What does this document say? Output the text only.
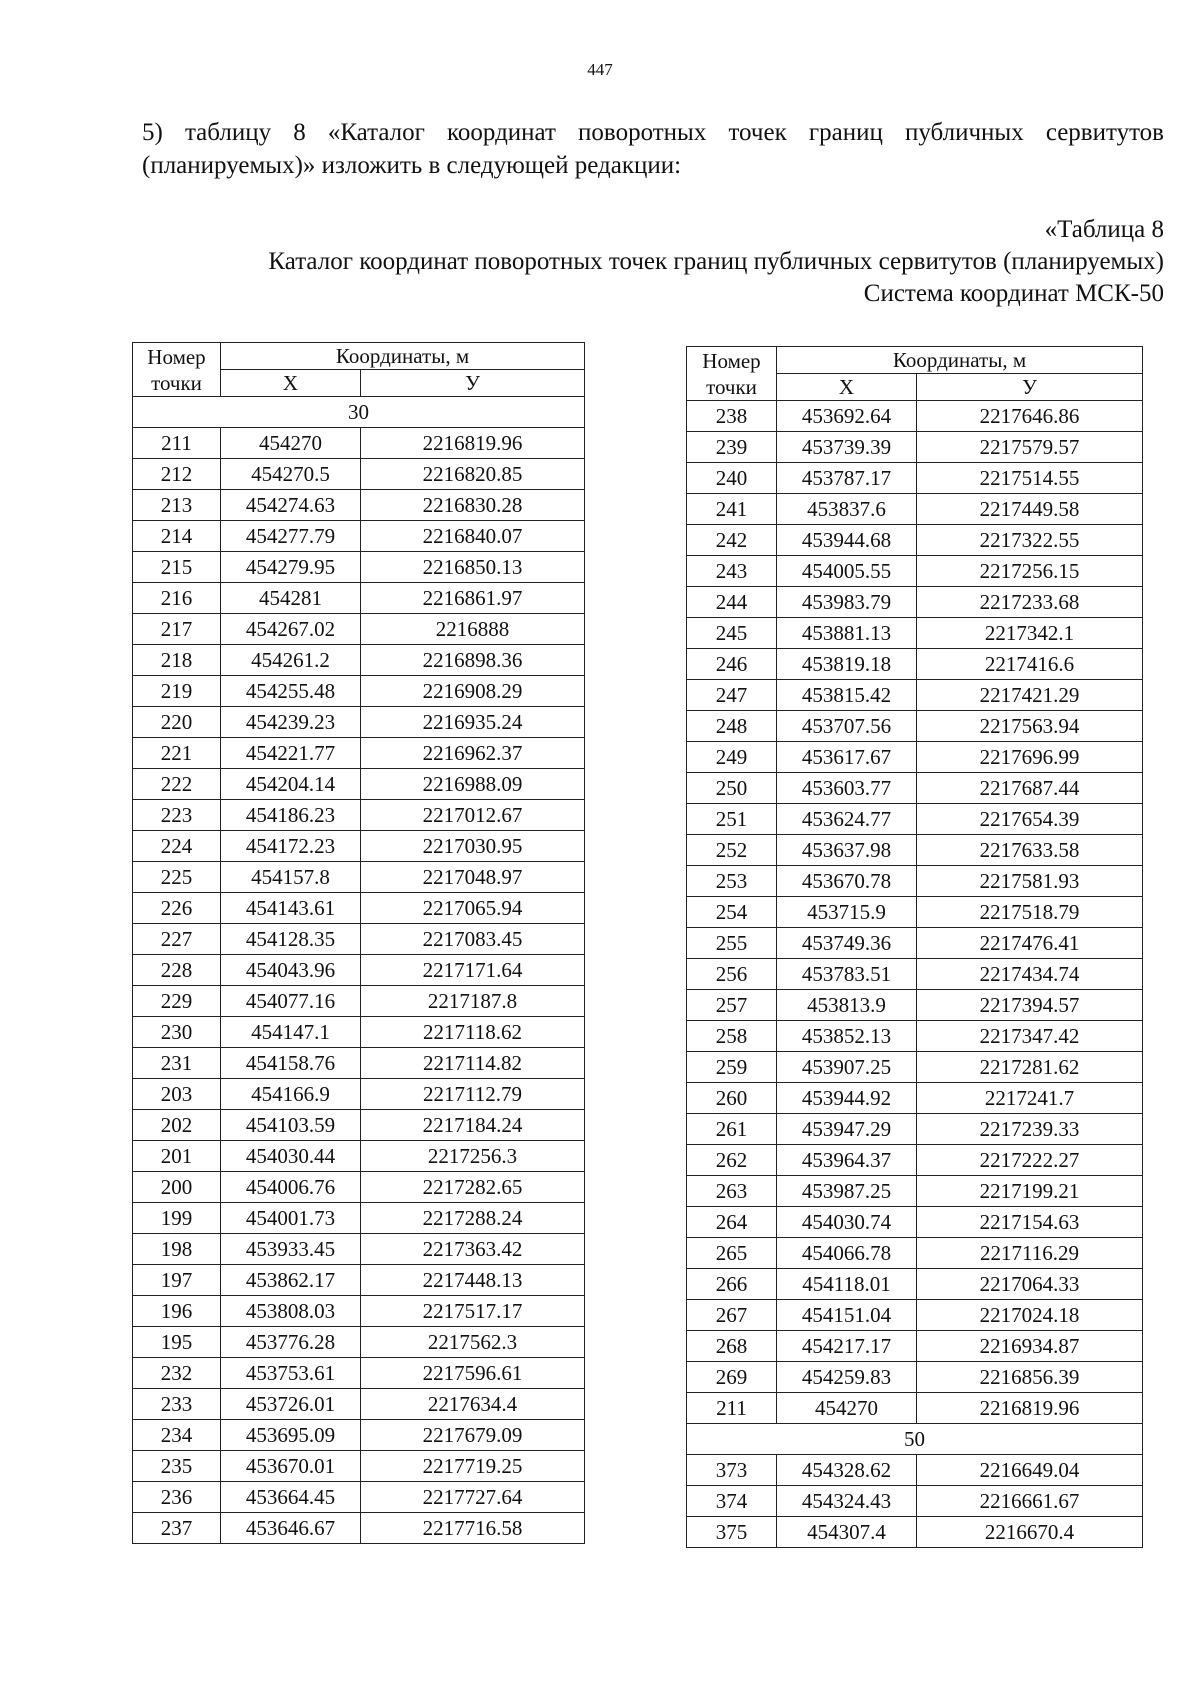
447

5) таблицу 8 «Каталог координат поворотных точек границ публичных сервитутов (планируемых)» изложить в следующей редакции:

«Таблица 8
Каталог координат поворотных точек границ публичных сервитутов (планируемых)
Система координат МСК-50
Номер точки	Координаты, м	
	X	У
30		
211	454270	2216819.96
212	454270.5	2216820.85
213	454274.63	2216830.28
214	454277.79	2216840.07
215	454279.95	2216850.13
216	454281	2216861.97
217	454267.02	2216888
218	454261.2	2216898.36
219	454255.48	2216908.29
220	454239.23	2216935.24
221	454221.77	2216962.37
222	454204.14	2216988.09
223	454186.23	2217012.67
224	454172.23	2217030.95
225	454157.8	2217048.97
226	454143.61	2217065.94
227	454128.35	2217083.45
228	454043.96	2217171.64
229	454077.16	2217187.8
230	454147.1	2217118.62
231	454158.76	2217114.82
203	454166.9	2217112.79
202	454103.59	2217184.24
201	454030.44	2217256.3
200	454006.76	2217282.65
199	454001.73	2217288.24
198	453933.45	2217363.42
197	453862.17	2217448.13
196	453808.03	2217517.17
195	453776.28	2217562.3
232	453753.61	2217596.61
233	453726.01	2217634.4
234	453695.09	2217679.09
235	453670.01	2217719.25
236	453664.45	2217727.64
237	453646.67	2217716.58
Номер точки	Координаты, м	
	X	У
238	453692.64	2217646.86
239	453739.39	2217579.57
240	453787.17	2217514.55
241	453837.6	2217449.58
242	453944.68	2217322.55
243	454005.55	2217256.15
244	453983.79	2217233.68
245	453881.13	2217342.1
246	453819.18	2217416.6
247	453815.42	2217421.29
248	453707.56	2217563.94
249	453617.67	2217696.99
250	453603.77	2217687.44
251	453624.77	2217654.39
252	453637.98	2217633.58
253	453670.78	2217581.93
254	453715.9	2217518.79
255	453749.36	2217476.41
256	453783.51	2217434.74
257	453813.9	2217394.57
258	453852.13	2217347.42
259	453907.25	2217281.62
260	453944.92	2217241.7
261	453947.29	2217239.33
262	453964.37	2217222.27
263	453987.25	2217199.21
264	454030.74	2217154.63
265	454066.78	2217116.29
266	454118.01	2217064.33
267	454151.04	2217024.18
268	454217.17	2216934.87
269	454259.83	2216856.39
211	454270	2216819.96
50		
373	454328.62	2216649.04
374	454324.43	2216661.67
375	454307.4	2216670.4
